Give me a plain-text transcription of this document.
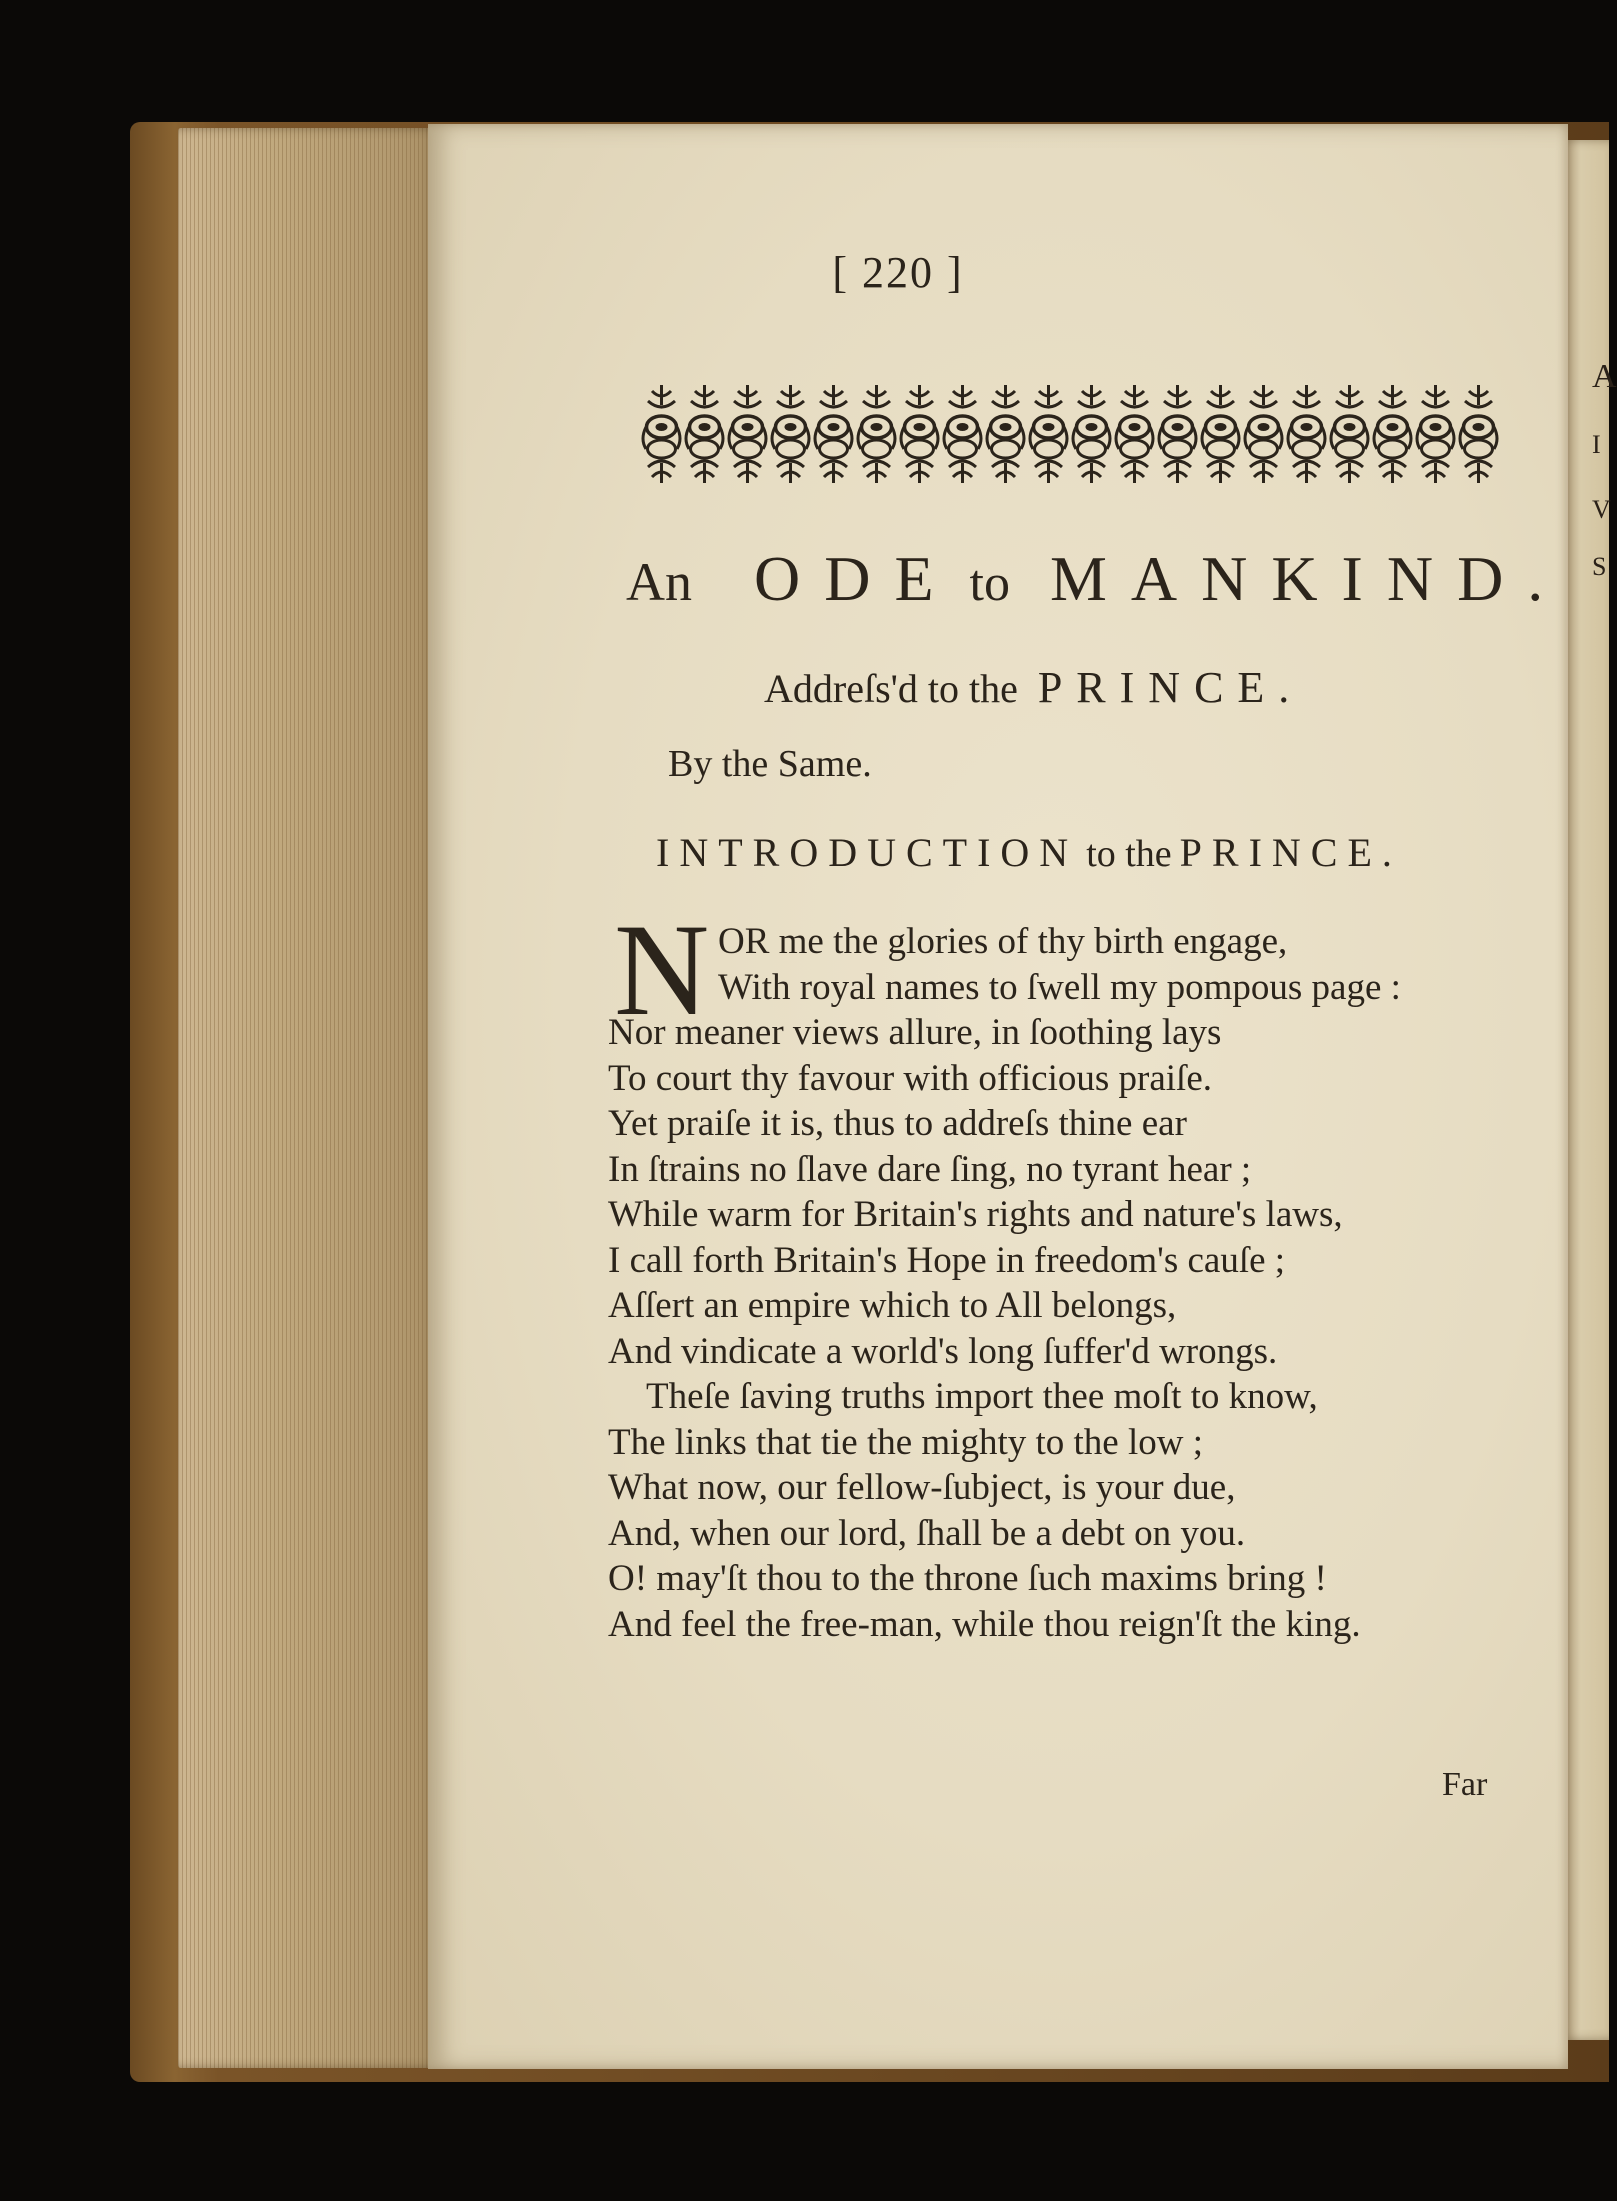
A
I
V
S
[ 220 ]
An ODE to MANKIND.
Addreſs'd to the PRINCE.
By the Same.
INTRODUCTION to the PRINCE.
N OR me the glories of thy birth engage,
With royal names to ſwell my pompous page :
Nor meaner views allure, in ſoothing lays
To court thy favour with officious praiſe.
Yet praiſe it is, thus to addreſs thine ear
In ſtrains no ſlave dare ſing, no tyrant hear ;
While warm for Britain's rights and nature's laws,
I call forth Britain's Hope in freedom's cauſe ;
Aſſert an empire which to All belongs,
And vindicate a world's long ſuffer'd wrongs.
Theſe ſaving truths import thee moſt to know,
The links that tie the mighty to the low ;
What now, our fellow-ſubject, is your due,
And, when our lord, ſhall be a debt on you.
O! may'ſt thou to the throne ſuch maxims bring !
And feel the free-man, while thou reign'ſt the king.
Far
